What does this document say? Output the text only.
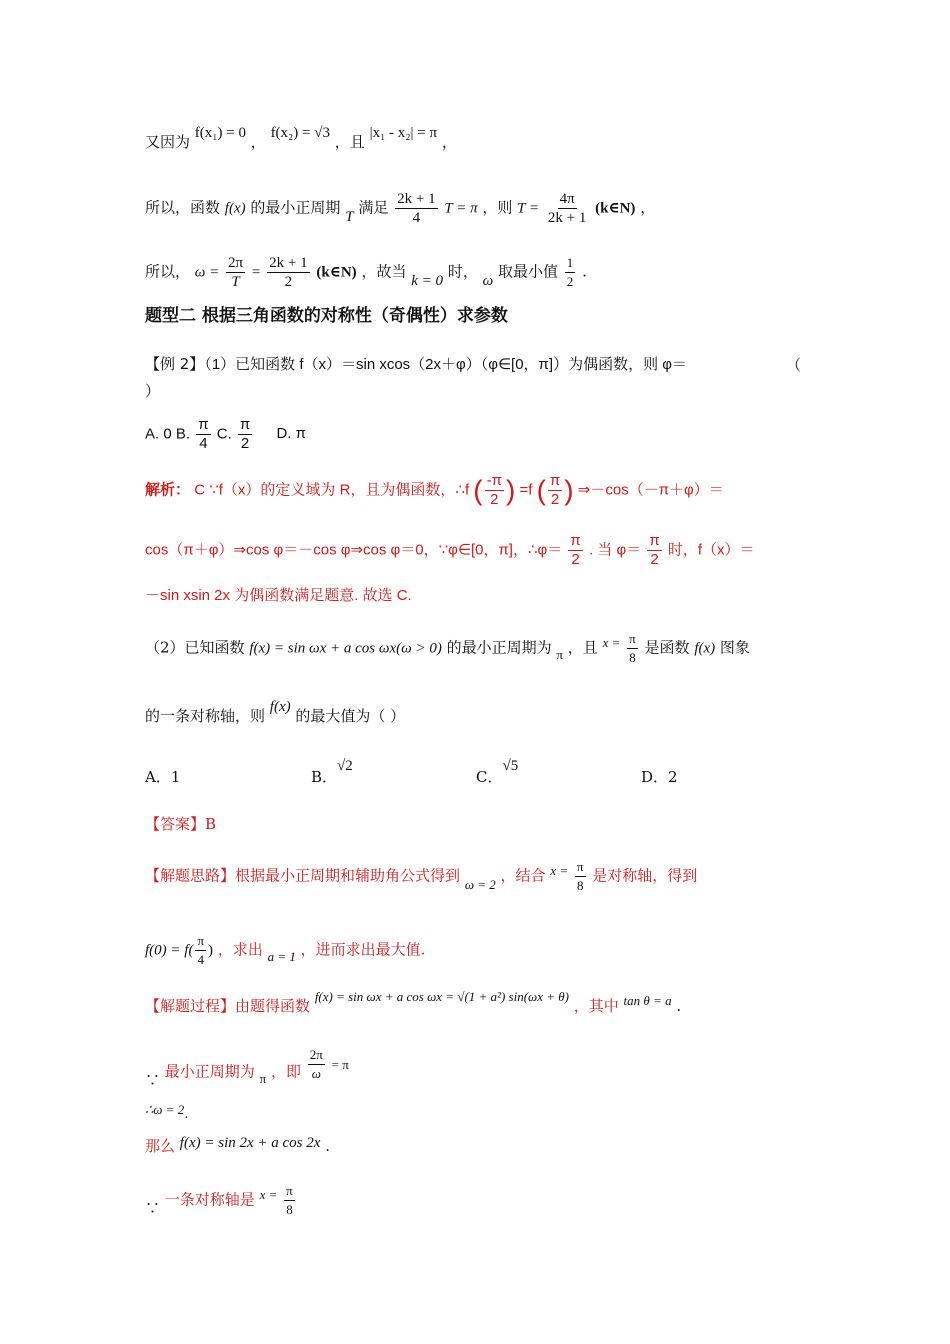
又因为 f(x₁) = 0 ， f(x₂) = √3 ，且 |x₁ - x₂| = π ，
所以，函数 f(x) 的最小正周期 T 满足 $\frac{2k + 1}{4}$ T = π ，则 $T = \frac{4\pi}{2k + 1}$ (k∈N) ，
所以， $\omega = \frac{2\pi}{T} = \frac{2k + 1}{2}$ (k∈N) ，故当 k = 0 时， ω 取最小值 $\frac{1}{2}$ .
题型二 根据三角函数的对称性（奇偶性）求参数
【例 2】（1）已知函数 f（x）＝sin xcos（2x＋φ）（φ∈[0，π]）为偶函数，则 φ＝	（
）
A. 0 B. $\frac{\pi}{4} C$. $\frac{\pi}{2} D$. π
解析： C ∵f（x）的定义域为 R，且为偶函数，∴f ( $\frac{-\pi}{2}$ ) =f ( $\frac{\pi}{2}$ ) ⇒－cos（－π＋φ）＝
cos（π＋φ）⇒cos φ＝－cos φ⇒cos φ＝0，∵φ∈[0，π]，∴φ＝ $\frac{\pi}{2}$ . 当 $\varphi= \frac{\pi}{2}$ 时，f（x）＝
－sin xsin 2x 为偶函数满足题意. 故选 C.
（2）已知函数 f(x) = sin ωx + a cos ωx(ω > 0) 的最小正周期为 π ，且 $x = \frac{\pi}{8}$ 是函数 f(x) 图象
的一条对称轴，则 f(x) 的最大值为（ ）
A．1	B．√2
C．√5
D．2
【答案】B
【解题思路】根据最小正周期和辅助角公式得到 ω = 2 ，结合 $x = \frac{\pi}{8}$ 是对称轴，得到
$f(0) = f( \frac{\pi}{4}$ ) ，求出 a = 1 ，进而求出最大值.
【解题过程】由题得函数 f(x) = sin ωx + a cos ωx = √(1 + a²) sin(ωx + θ) ，其中 tan θ = a .
∵ 最小正周期为 π ，即 $\frac{2\pi}{\omega} = \pi$
∴ω = 2.
那么 f(x) = sin 2x + a cos 2x .
∵ 一条对称轴是 $x = \frac{\pi}{8}$
